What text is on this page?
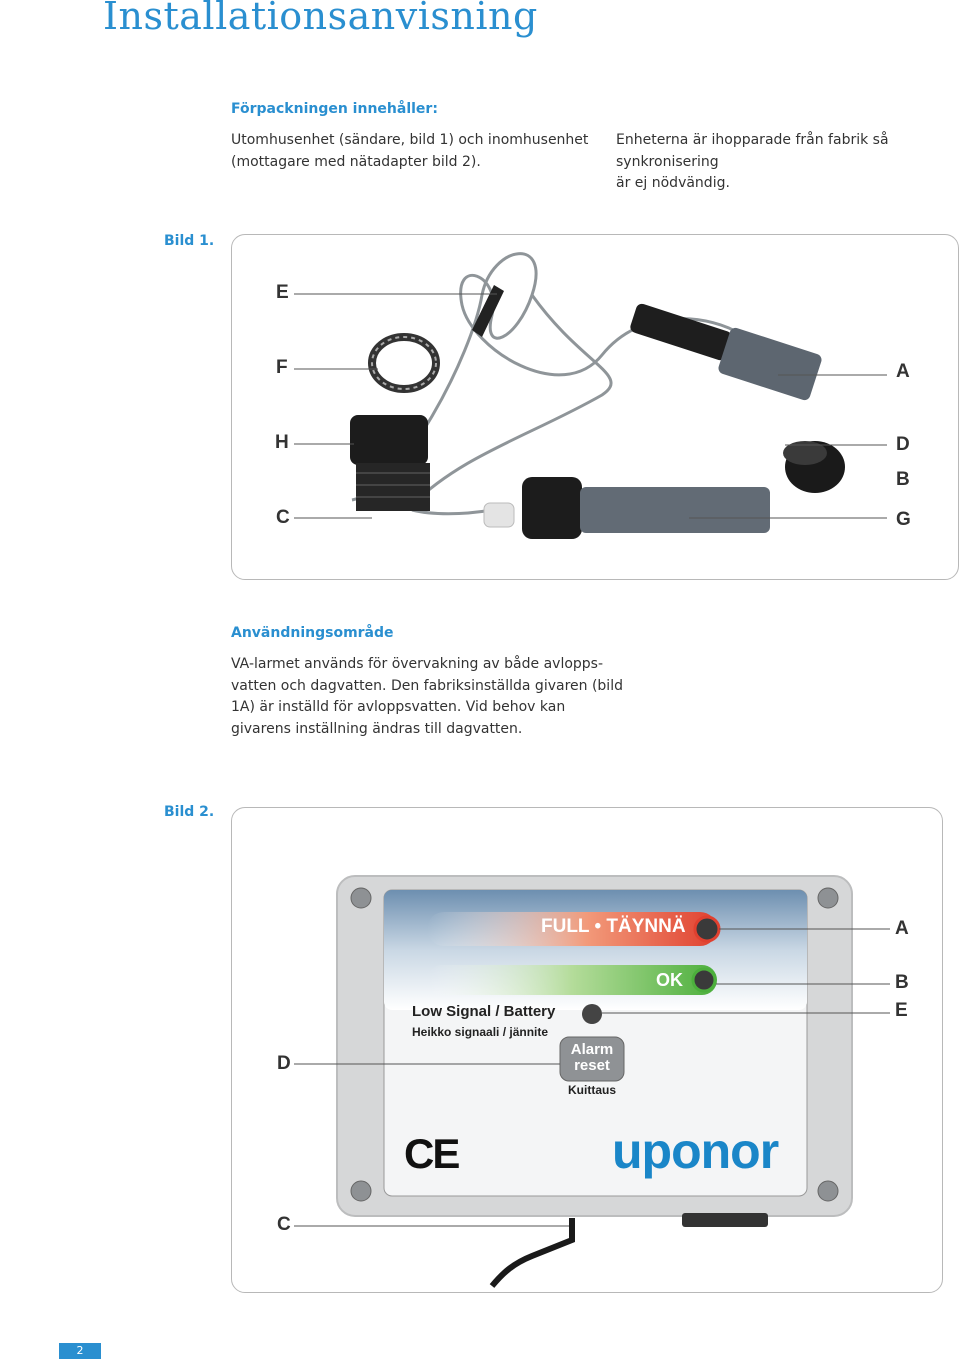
Installationsanvisning
Förpackningen innehåller:
Utomhusenhet (sändare, bild 1) och inomhusenhet
(mottagare med nätadapter bild 2).
Enheterna är ihopparade från fabrik så synkronisering
är ej nödvändig.
Bild 1.
E
F
H
C
A
D
B
G
Användningsområde
VA-larmet används för övervakning av både avlopps-
vatten och dagvatten. Den fabriksinställda givaren (bild
1A) är inställd för avloppsvatten. Vid behov kan
givarens inställning ändras till dagvatten.
Bild 2.
FULL • TÄYNNÄ
OK
Low Signal / Battery
Heikko signaali / jännite
Alarm
reset
Kuittaus
CE	uponor
A
B
E
D
C
2
